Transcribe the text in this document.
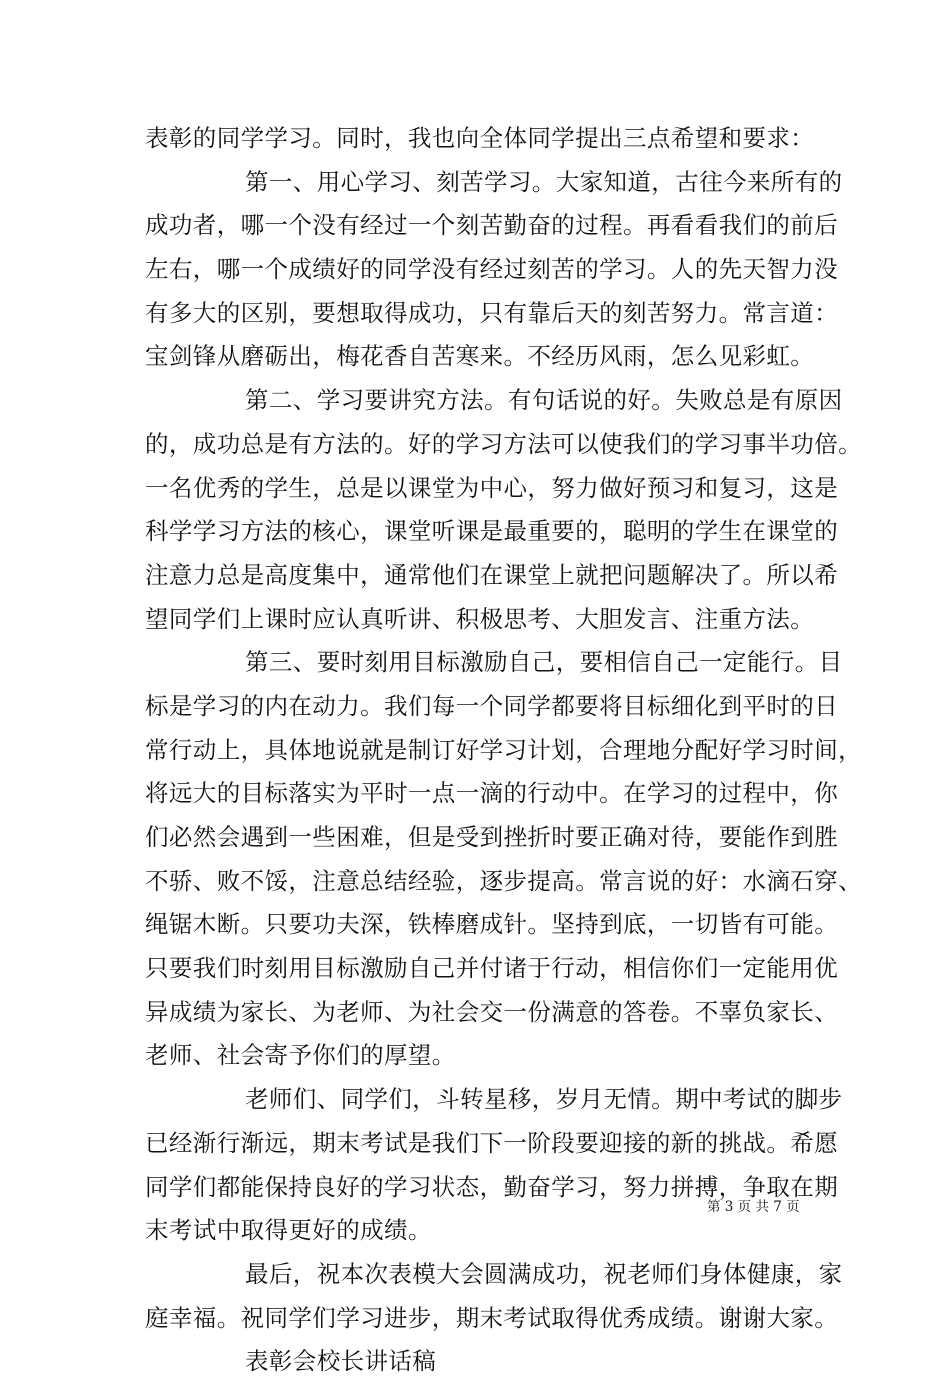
表彰的同学学习。同时，我也向全体同学提出三点希望和要求：
第一、用心学习、刻苦学习。大家知道，古往今来所有的
成功者，哪一个没有经过一个刻苦勤奋的过程。再看看我们的前后
左右，哪一个成绩好的同学没有经过刻苦的学习。人的先天智力没
有多大的区别，要想取得成功，只有靠后天的刻苦努力。常言道：
宝剑锋从磨砺出，梅花香自苦寒来。不经历风雨，怎么见彩虹。
第二、学习要讲究方法。有句话说的好。失败总是有原因
的，成功总是有方法的。好的学习方法可以使我们的学习事半功倍。
一名优秀的学生，总是以课堂为中心，努力做好预习和复习，这是
科学学习方法的核心，课堂听课是最重要的，聪明的学生在课堂的
注意力总是高度集中，通常他们在课堂上就把问题解决了。所以希
望同学们上课时应认真听讲、积极思考、大胆发言、注重方法。
第三、要时刻用目标激励自己，要相信自己一定能行。目
标是学习的内在动力。我们每一个同学都要将目标细化到平时的日
常行动上，具体地说就是制订好学习计划，合理地分配好学习时间，
将远大的目标落实为平时一点一滴的行动中。在学习的过程中，你
们必然会遇到一些困难，但是受到挫折时要正确对待，要能作到胜
不骄、败不馁，注意总结经验，逐步提高。常言说的好：水滴石穿、
绳锯木断。只要功夫深，铁棒磨成针。坚持到底，一切皆有可能。
只要我们时刻用目标激励自己并付诸于行动，相信你们一定能用优
异成绩为家长、为老师、为社会交一份满意的答卷。不辜负家长、
老师、社会寄予你们的厚望。
老师们、同学们，斗转星移，岁月无情。期中考试的脚步
已经渐行渐远，期末考试是我们下一阶段要迎接的新的挑战。希愿
同学们都能保持良好的学习状态，勤奋学习，努力拼搏，争取在期
末考试中取得更好的成绩。
最后，祝本次表模大会圆满成功，祝老师们身体健康，家
庭幸福。祝同学们学习进步，期末考试取得优秀成绩。谢谢大家。
表彰会校长讲话稿
第 3 页 共 7 页
